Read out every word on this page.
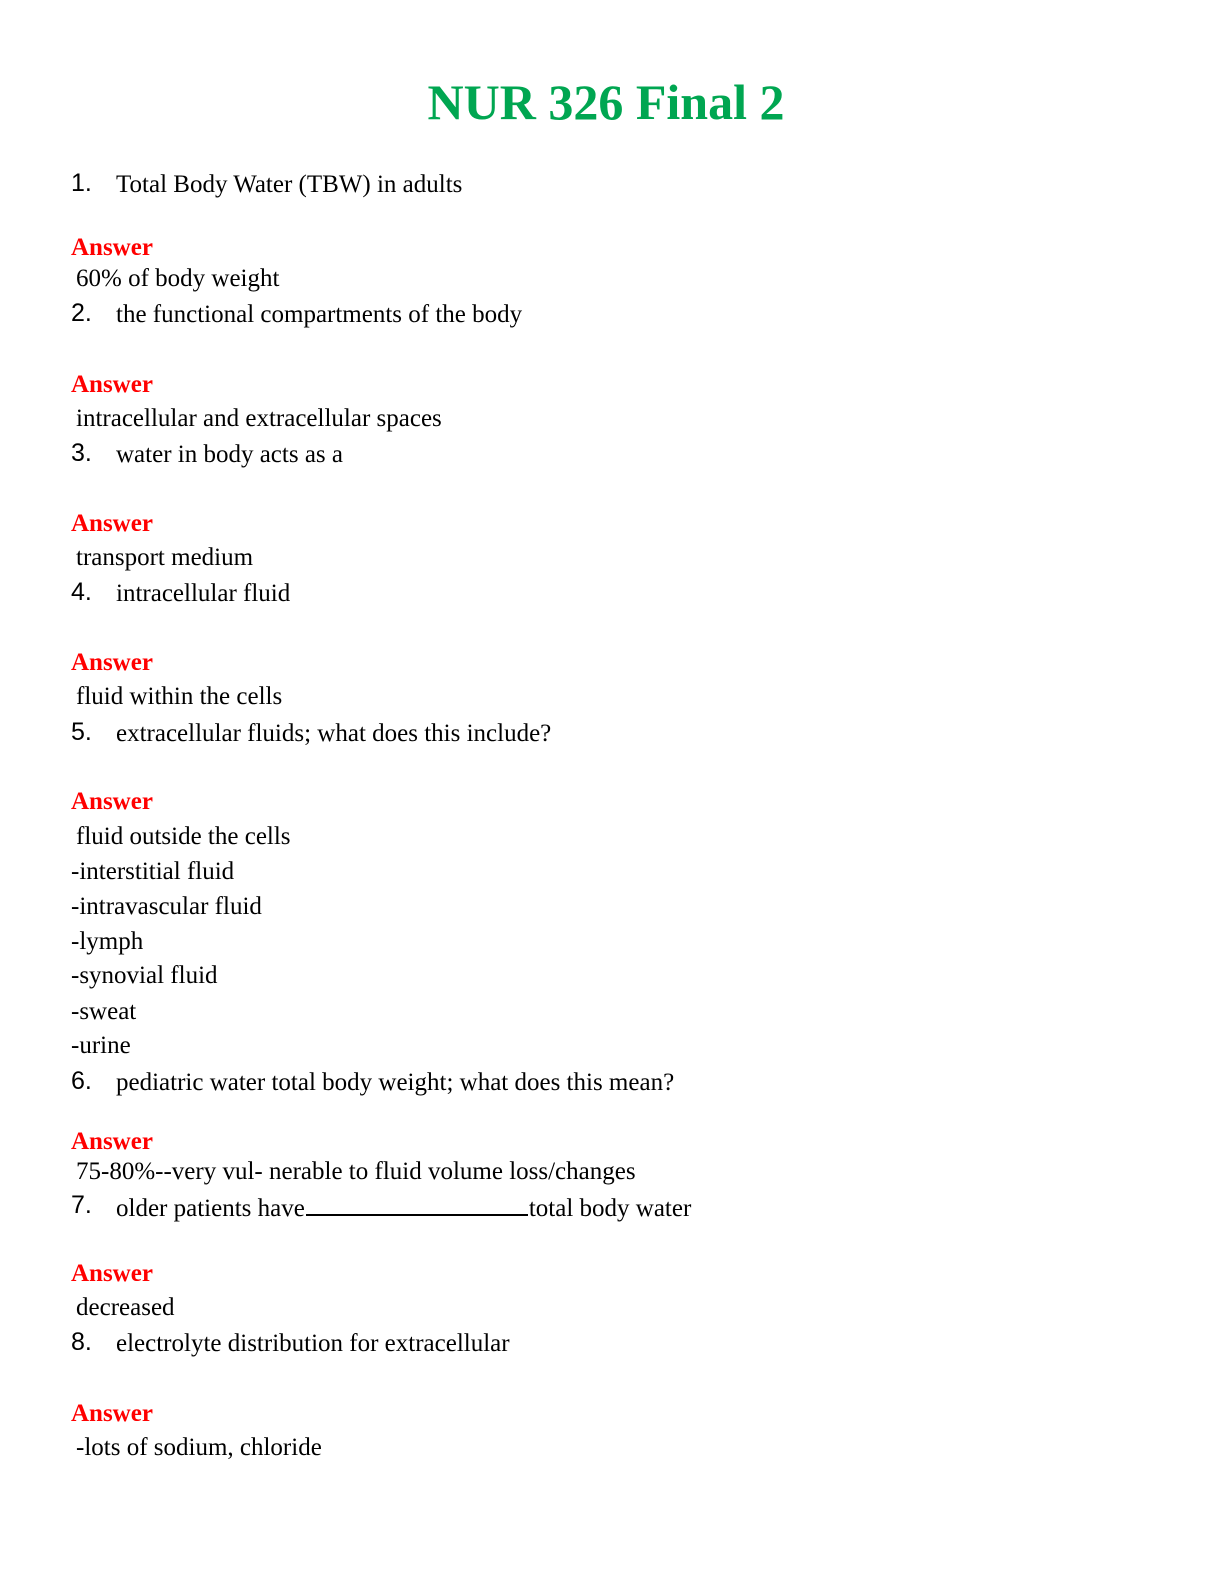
NUR 326 Final 2
1. Total Body Water (TBW) in adults
Answer
60% of body weight
2. the functional compartments of the body
Answer
intracellular and extracellular spaces
3. water in body acts as a
Answer
transport medium
4. intracellular fluid
Answer
fluid within the cells
5. extracellular fluids; what does this include?
Answer
fluid outside the cells
-interstitial fluid
-intravascular fluid
-lymph
-synovial fluid
-sweat
-urine
6. pediatric water total body weight; what does this mean?
Answer
75-80%--very vul- nerable to fluid volume loss/changes
7. older patients have	total body water
Answer
decreased
8. electrolyte distribution for extracellular
Answer
-lots of sodium, chloride
